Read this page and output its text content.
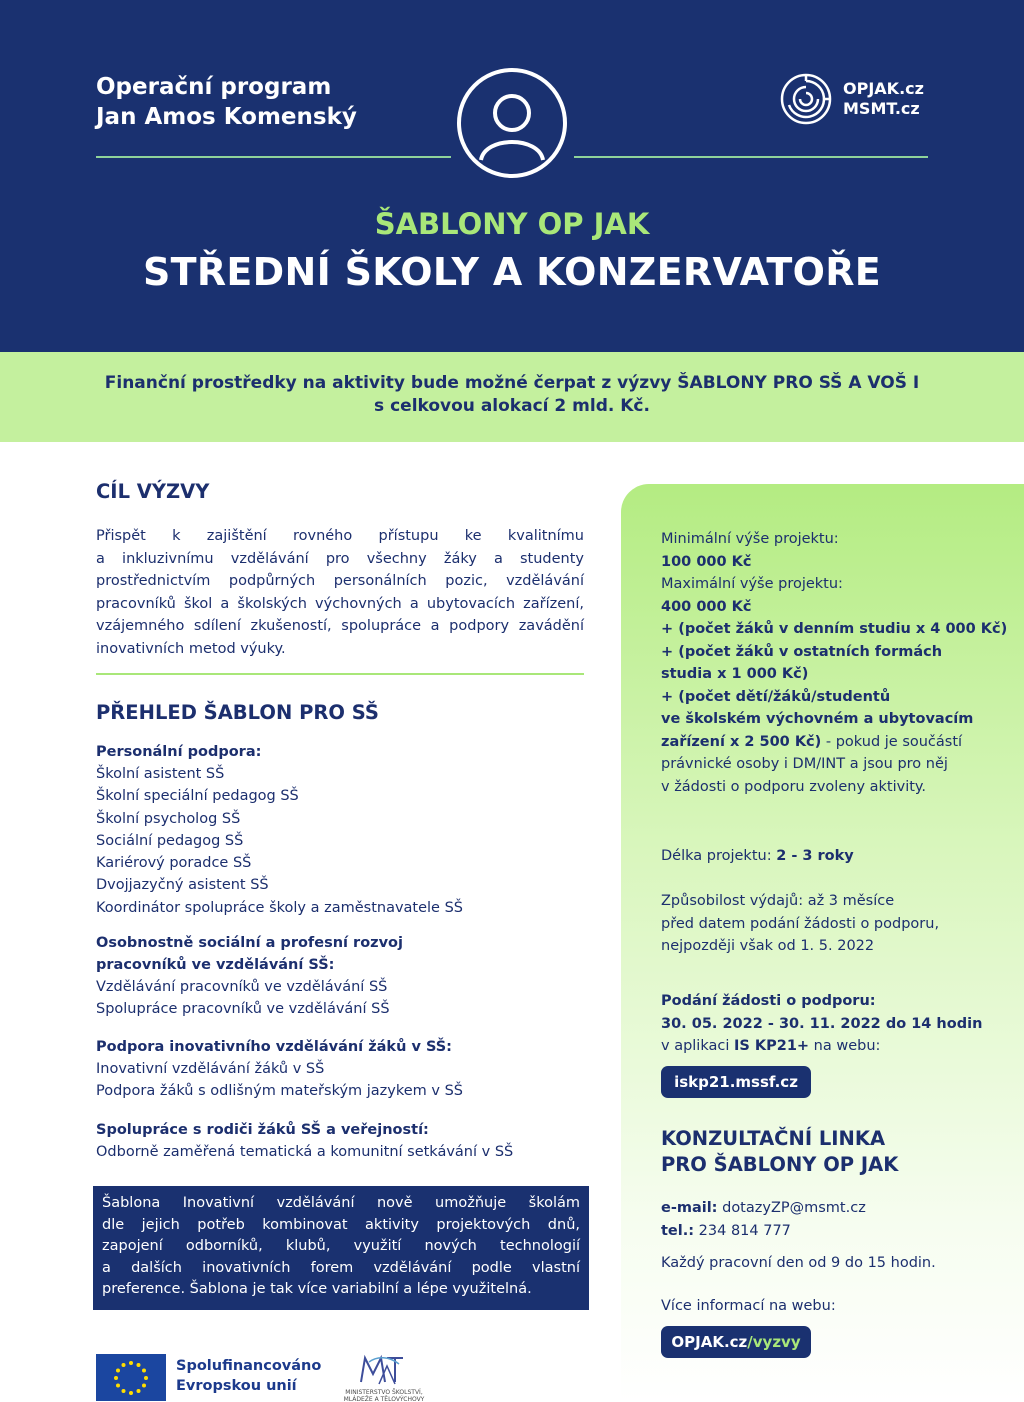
Operační program
Jan Amos Komenský
OPJAK.cz
MSMT.cz
ŠABLONY OP JAK
STŘEDNÍ ŠKOLY A KONZERVATOŘE
Finanční prostředky na aktivity bude možné čerpat z výzvy ŠABLONY PRO SŠ A VOŠ I
s celkovou alokací 2 mld. Kč.
CÍL VÝZVY
Přispět k zajištění rovného přístupu ke kvalitnímu
a inkluzivnímu vzdělávání pro všechny žáky a studenty
prostřednictvím podpůrných personálních pozic, vzdělávání
pracovníků škol a školských výchovných a ubytovacích zařízení,
vzájemného sdílení zkušeností, spolupráce a podpory zavádění
inovativních metod výuky.
PŘEHLED ŠABLON PRO SŠ
Personální podpora:
Školní asistent SŠ
Školní speciální pedagog SŠ
Školní psycholog SŠ
Sociální pedagog SŠ
Kariérový poradce SŠ
Dvojjazyčný asistent SŠ
Koordinátor spolupráce školy a zaměstnavatele SŠ
Osobnostně sociální a profesní rozvoj
pracovníků ve vzdělávání SŠ:
Vzdělávání pracovníků ve vzdělávání SŠ
Spolupráce pracovníků ve vzdělávání SŠ
Podpora inovativního vzdělávání žáků v SŠ:
Inovativní vzdělávání žáků v SŠ
Podpora žáků s odlišným mateřským jazykem v SŠ
Spolupráce s rodiči žáků SŠ a veřejností:
Odborně zaměřená tematická a komunitní setkávání v SŠ
Šablona Inovativní vzdělávání nově umožňuje školám
dle jejich potřeb kombinovat aktivity projektových dnů,
zapojení odborníků, klubů, využití nových technologií
a dalších inovativních forem vzdělávání podle vlastní
preference. Šablona je tak více variabilní a lépe využitelná.
Spolufinancováno
Evropskou unií	MINISTERSTVO ŠKOLSTVÍ,
MLÁDEŽE A TĚLOVÝCHOVY
Minimální výše projektu:
100 000 Kč
Maximální výše projektu:
400 000 Kč
+ (počet žáků v denním studiu x 4 000 Kč)
+ (počet žáků v ostatních formách
studia x 1 000 Kč)
+ (počet dětí/žáků/studentů
ve školském výchovném a ubytovacím
zařízení x 2 500 Kč) - pokud je součástí
právnické osoby i DM/INT a jsou pro něj
v žádosti o podporu zvoleny aktivity.
Délka projektu: 2 - 3 roky
Způsobilost výdajů: až 3 měsíce
před datem podání žádosti o podporu,
nejpozději však od 1. 5. 2022
Podání žádosti o podporu:
30. 05. 2022 - 30. 11. 2022 do 14 hodin
v aplikaci IS KP21+ na webu:
iskp21.mssf.cz
KONZULTAČNÍ LINKA
PRO ŠABLONY OP JAK
e-mail: dotazyZP@msmt.cz
tel.: 234 814 777
Každý pracovní den od 9 do 15 hodin.
Více informací na webu:
OPJAK.cz/vyzvy
